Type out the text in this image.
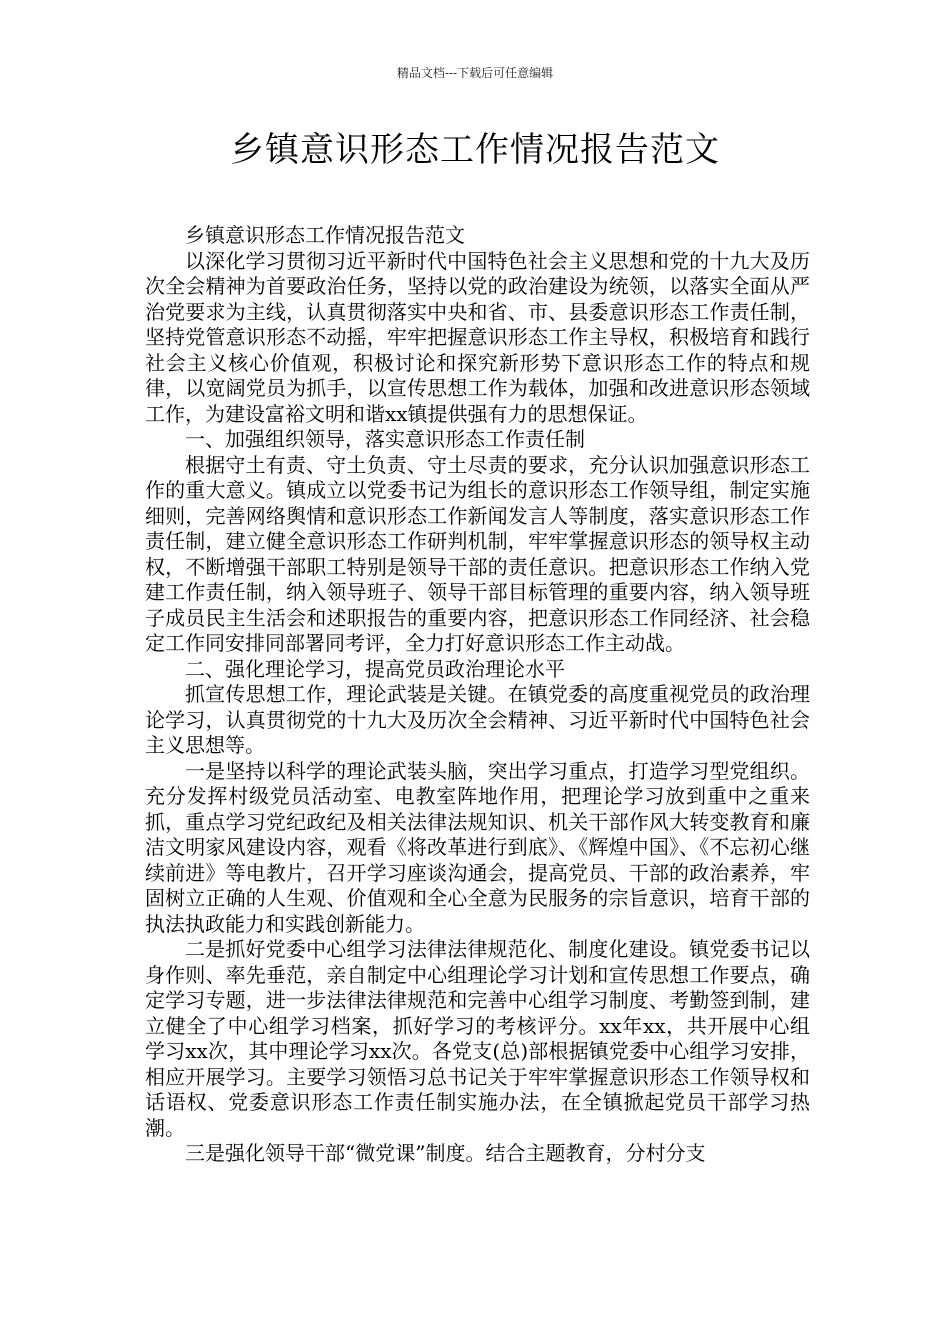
精品文档---下载后可任意编辑
乡镇意识形态工作情况报告范文

乡镇意识形态工作情况报告范文

以深化学习贯彻习近平新时代中国特色社会主义思想和党的十九大及历次全会精神为首要政治任务，坚持以党的政治建设为统领，以落实全面从严治党要求为主线，认真贯彻落实中央和省、市、县委意识形态工作责任制，坚持党管意识形态不动摇，牢牢把握意识形态工作主导权，积极培育和践行社会主义核心价值观，积极讨论和探究新形势下意识形态工作的特点和规律，以宽阔党员为抓手，以宣传思想工作为载体，加强和改进意识形态领域工作，为建设富裕文明和谐xx镇提供强有力的思想保证。

一、加强组织领导，落实意识形态工作责任制

根据守土有责、守土负责、守土尽责的要求，充分认识加强意识形态工作的重大意义。镇成立以党委书记为组长的意识形态工作领导组，制定实施细则，完善网络舆情和意识形态工作新闻发言人等制度，落实意识形态工作责任制，建立健全意识形态工作研判机制，牢牢掌握意识形态的领导权主动权，不断增强干部职工特别是领导干部的责任意识。把意识形态工作纳入党建工作责任制，纳入领导班子、领导干部目标管理的重要内容，纳入领导班子成员民主生活会和述职报告的重要内容，把意识形态工作同经济、社会稳定工作同安排同部署同考评，全力打好意识形态工作主动战。

二、强化理论学习，提高党员政治理论水平

抓宣传思想工作，理论武装是关键。在镇党委的高度重视党员的政治理论学习，认真贯彻党的十九大及历次全会精神、习近平新时代中国特色社会主义思想等。

一是坚持以科学的理论武装头脑，突出学习重点，打造学习型党组织。充分发挥村级党员活动室、电教室阵地作用，把理论学习放到重中之重来抓，重点学习党纪政纪及相关法律法规知识、机关干部作风大转变教育和廉洁文明家风建设内容，观看《将改革进行到底》、《辉煌中国》、《不忘初心继续前进》等电教片，召开学习座谈沟通会，提高党员、干部的政治素养，牢固树立正确的人生观、价值观和全心全意为民服务的宗旨意识，培育干部的执法执政能力和实践创新能力。

二是抓好党委中心组学习法律法律规范化、制度化建设。镇党委书记以身作则、率先垂范，亲自制定中心组理论学习计划和宣传思想工作要点，确定学习专题，进一步法律法律规范和完善中心组学习制度、考勤签到制，建立健全了中心组学习档案，抓好学习的考核评分。xx年xx，共开展中心组学习xx次，其中理论学习xx次。各党支(总)部根据镇党委中心组学习安排，相应开展学习。主要学习领悟习总书记关于牢牢掌握意识形态工作领导权和话语权、党委意识形态工作责任制实施办法，在全镇掀起党员干部学习热潮。

三是强化领导干部“微党课”制度。结合主题教育，分村分支
